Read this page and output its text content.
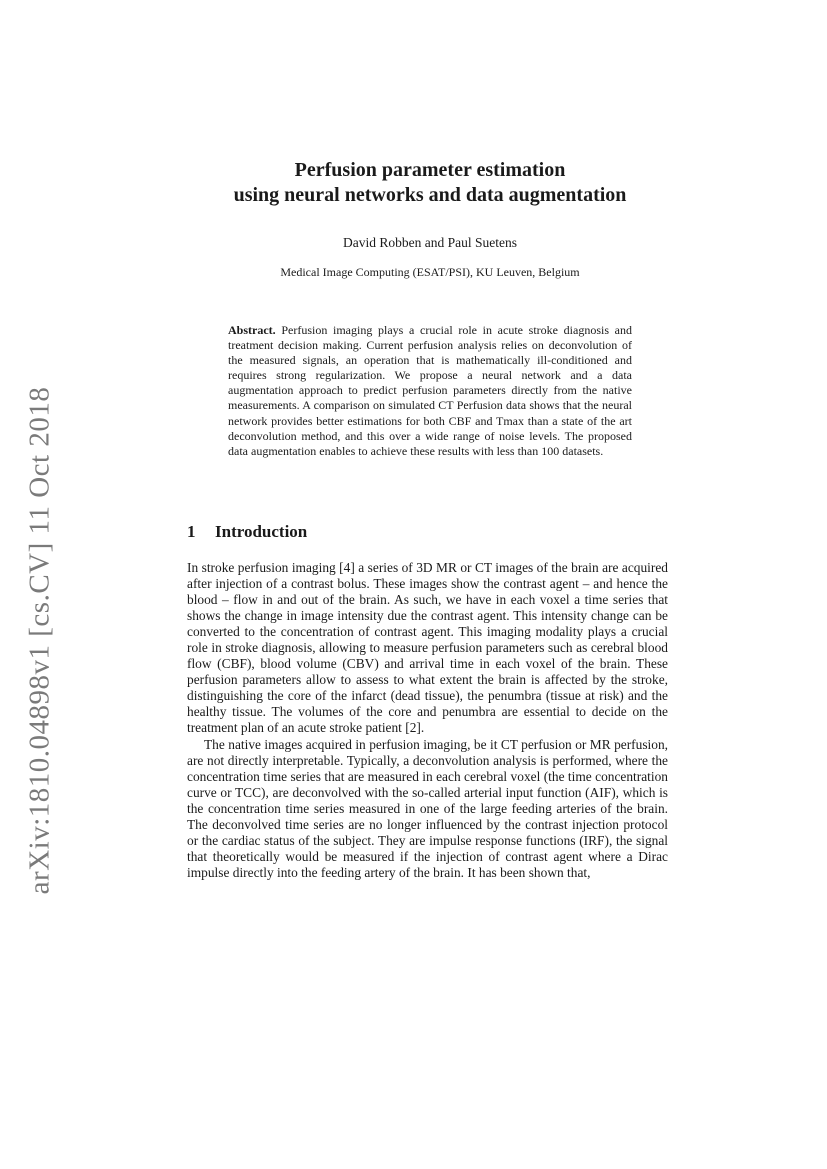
arXiv:1810.04898v1 [cs.CV] 11 Oct 2018
Perfusion parameter estimation
using neural networks and data augmentation

David Robben and Paul Suetens

Medical Image Computing (ESAT/PSI), KU Leuven, Belgium

Abstract. Perfusion imaging plays a crucial role in acute stroke diagnosis and treatment decision making. Current perfusion analysis relies on deconvolution of the measured signals, an operation that is mathematically ill-conditioned and requires strong regularization. We propose a neural network and a data augmentation approach to predict perfusion parameters directly from the native measurements. A comparison on simulated CT Perfusion data shows that the neural network provides better estimations for both CBF and Tmax than a state of the art deconvolution method, and this over a wide range of noise levels. The proposed data augmentation enables to achieve these results with less than 100 datasets.

1 Introduction

In stroke perfusion imaging [4] a series of 3D MR or CT images of the brain are acquired after injection of a contrast bolus. These images show the contrast agent – and hence the blood – flow in and out of the brain. As such, we have in each voxel a time series that shows the change in image intensity due the contrast agent. This intensity change can be converted to the concentration of contrast agent. This imaging modality plays a crucial role in stroke diagnosis, allowing to measure perfusion parameters such as cerebral blood flow (CBF), blood volume (CBV) and arrival time in each voxel of the brain. These perfusion parameters allow to assess to what extent the brain is affected by the stroke, distinguishing the core of the infarct (dead tissue), the penumbra (tissue at risk) and the healthy tissue. The volumes of the core and penumbra are essential to decide on the treatment plan of an acute stroke patient [2].

The native images acquired in perfusion imaging, be it CT perfusion or MR perfusion, are not directly interpretable. Typically, a deconvolution analysis is performed, where the concentration time series that are measured in each cerebral voxel (the time concentration curve or TCC), are deconvolved with the so-called arterial input function (AIF), which is the concentration time series measured in one of the large feeding arteries of the brain. The deconvolved time series are no longer influenced by the contrast injection protocol or the cardiac status of the subject. They are impulse response functions (IRF), the signal that theoretically would be measured if the injection of contrast agent where a Dirac impulse directly into the feeding artery of the brain. It has been shown that,
